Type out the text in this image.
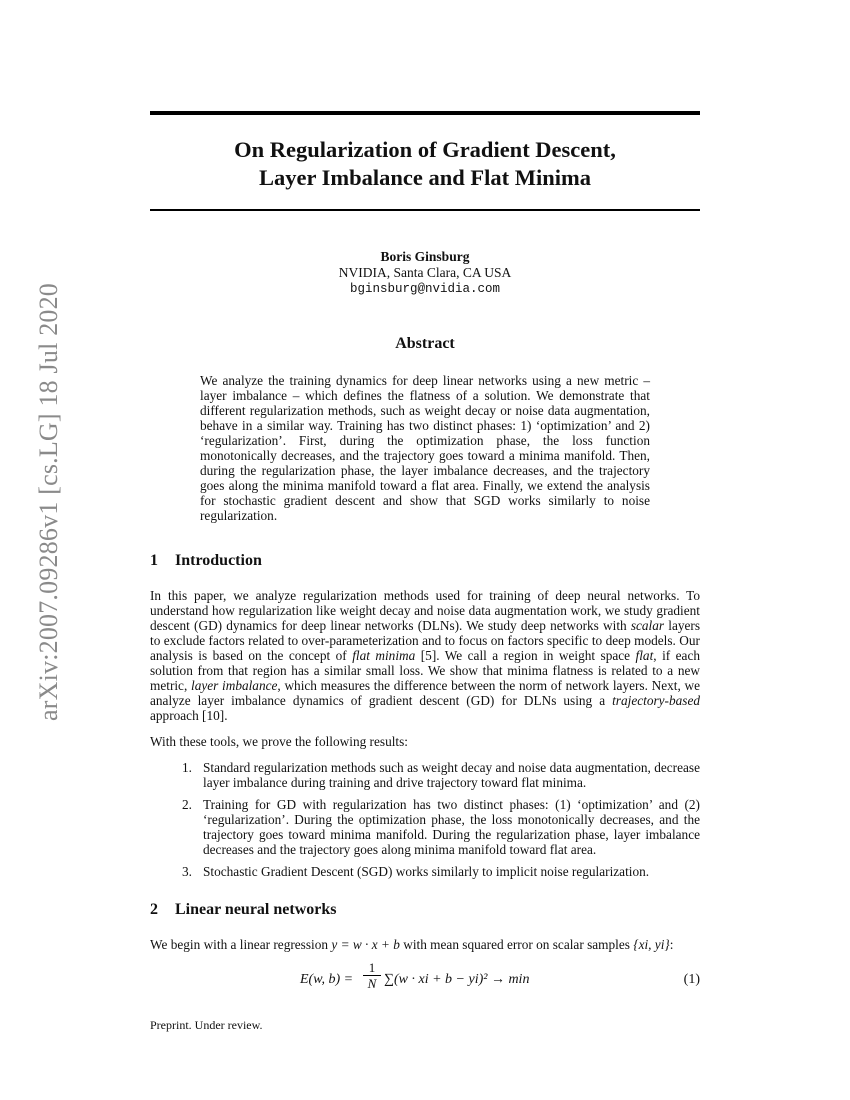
arXiv:2007.09286v1 [cs.LG] 18 Jul 2020
On Regularization of Gradient Descent,
Layer Imbalance and Flat Minima
Boris Ginsburg
NVIDIA, Santa Clara, CA USA
bginsburg@nvidia.com
Abstract
We analyze the training dynamics for deep linear networks using a new metric – layer imbalance – which defines the flatness of a solution. We demonstrate that different regularization methods, such as weight decay or noise data augmentation, behave in a similar way. Training has two distinct phases: 1) ‘optimization’ and 2) ‘regularization’. First, during the optimization phase, the loss function monotonically decreases, and the trajectory goes toward a minima manifold. Then, during the regularization phase, the layer imbalance decreases, and the trajectory goes along the minima manifold toward a flat area. Finally, we extend the analysis for stochastic gradient descent and show that SGD works similarly to noise regularization.
1 Introduction
In this paper, we analyze regularization methods used for training of deep neural networks. To understand how regularization like weight decay and noise data augmentation work, we study gradient descent (GD) dynamics for deep linear networks (DLNs). We study deep networks with scalar layers to exclude factors related to over-parameterization and to focus on factors specific to deep models. Our analysis is based on the concept of flat minima [5]. We call a region in weight space flat, if each solution from that region has a similar small loss. We show that minima flatness is related to a new metric, layer imbalance, which measures the difference between the norm of network layers. Next, we analyze layer imbalance dynamics of gradient descent (GD) for DLNs using a trajectory-based approach [10].
With these tools, we prove the following results:
1. Standard regularization methods such as weight decay and noise data augmentation, decrease layer imbalance during training and drive trajectory toward flat minima.
2. Training for GD with regularization has two distinct phases: (1) ‘optimization’ and (2) ‘regularization’. During the optimization phase, the loss monotonically decreases, and the trajectory goes toward minima manifold. During the regularization phase, layer imbalance decreases and the trajectory goes along minima manifold toward flat area.
3. Stochastic Gradient Descent (SGD) works similarly to implicit noise regularization.
2 Linear neural networks
We begin with a linear regression y = w · x + b with mean squared error on scalar samples {xi, yi}:
E(w, $b) = \frac{1}{N} \sum(w$ · xi + b − yi)² → min	(1)
Preprint. Under review.
